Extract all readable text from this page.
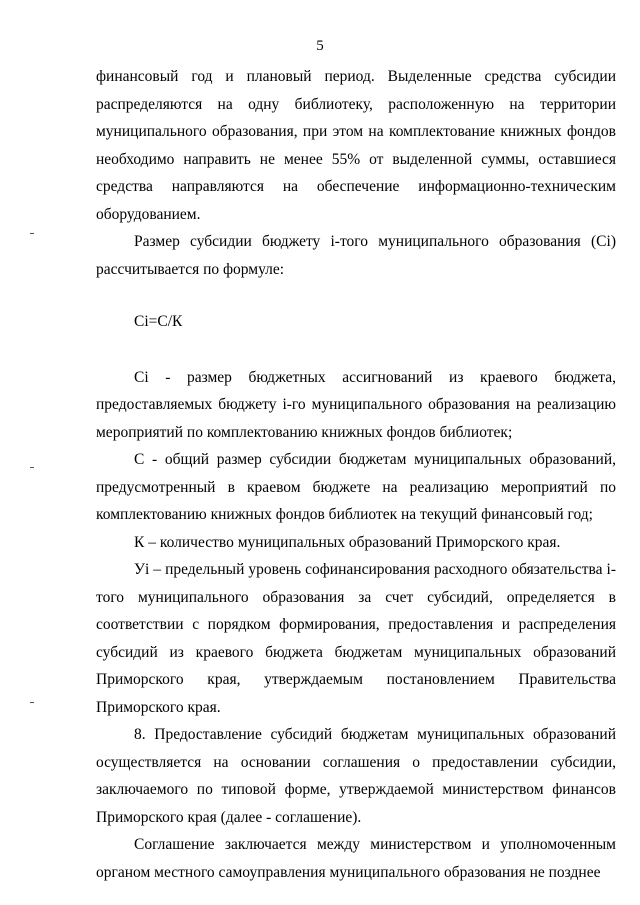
5

финансовый год и плановый период. Выделенные средства субсидии распределяются на одну библиотеку, расположенную на территории муниципального образования, при этом на комплектование книжных фондов необходимо направить не менее 55% от выделенной суммы, оставшиеся средства направляются на обеспечение информационно-техническим оборудованием.

Размер субсидии бюджету i-того муниципального образования (Ci) рассчитывается по формуле:

Ci=С/К

Ci - размер бюджетных ассигнований из краевого бюджета, предоставляемых бюджету i-го муниципального образования на реализацию мероприятий по комплектованию книжных фондов библиотек;

С - общий размер субсидии бюджетам муниципальных образований, предусмотренный в краевом бюджете на реализацию мероприятий по комплектованию книжных фондов библиотек на текущий финансовый год;

К – количество муниципальных образований Приморского края.

Уi – предельный уровень софинансирования расходного обязательства i-того муниципального образования за счет субсидий, определяется в соответствии с порядком формирования, предоставления и распределения субсидий из краевого бюджета бюджетам муниципальных образований Приморского края, утверждаемым постановлением Правительства Приморского края.

8. Предоставление субсидий бюджетам муниципальных образований осуществляется на основании соглашения о предоставлении субсидии, заключаемого по типовой форме, утверждаемой министерством финансов Приморского края (далее - соглашение).

Соглашение заключается между министерством и уполномоченным органом местного самоуправления муниципального образования не позднее
